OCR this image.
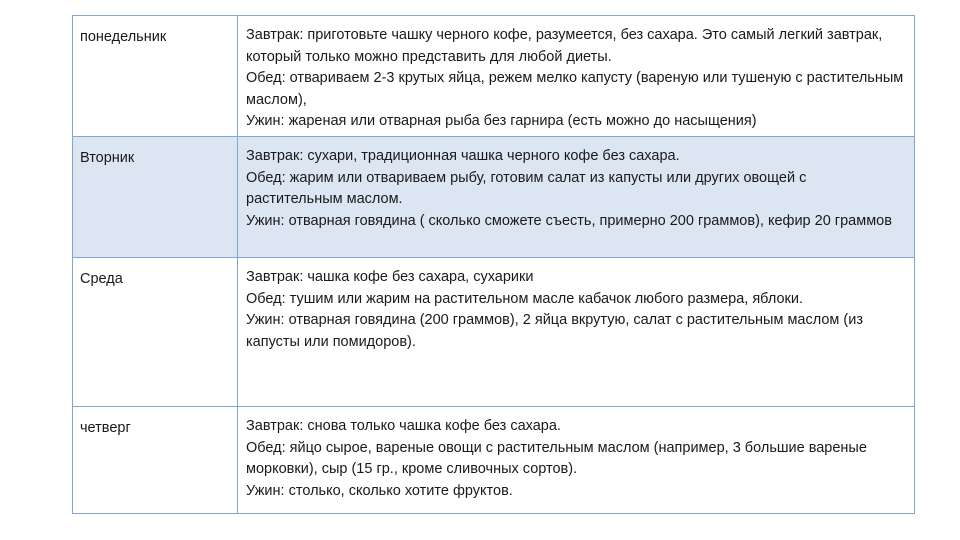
понедельник	Завтрак: приготовьте чашку черного кофе, разумеется, без сахара. Это самый легкий завтрак, который только можно представить для любой диеты.
Обед: отвариваем 2-3 крутых яйца, режем мелко капусту (вареную или тушеную с растительным маслом),
Ужин: жареная или отварная рыба без гарнира (есть можно до насыщения)

Вторник	Завтрак: сухари, традиционная чашка черного кофе без сахара.
Обед: жарим или отвариваем рыбу, готовим салат из капусты или других овощей с растительным маслом.
Ужин: отварная говядина ( сколько сможете съесть, примерно 200 граммов), кефир 20 граммов

Среда	Завтрак: чашка кофе без сахара, сухарики
Обед: тушим или жарим на растительном масле кабачок любого размера, яблоки.
Ужин: отварная говядина (200 граммов), 2 яйца вкрутую, салат с растительным маслом (из капусты или помидоров).

четверг	Завтрак: снова только чашка кофе без сахара.
Обед: яйцо сырое, вареные овощи с растительным маслом (например, 3 большие вареные морковки), сыр (15 гр., кроме сливочных сортов).
Ужин: столько, сколько хотите фруктов.
